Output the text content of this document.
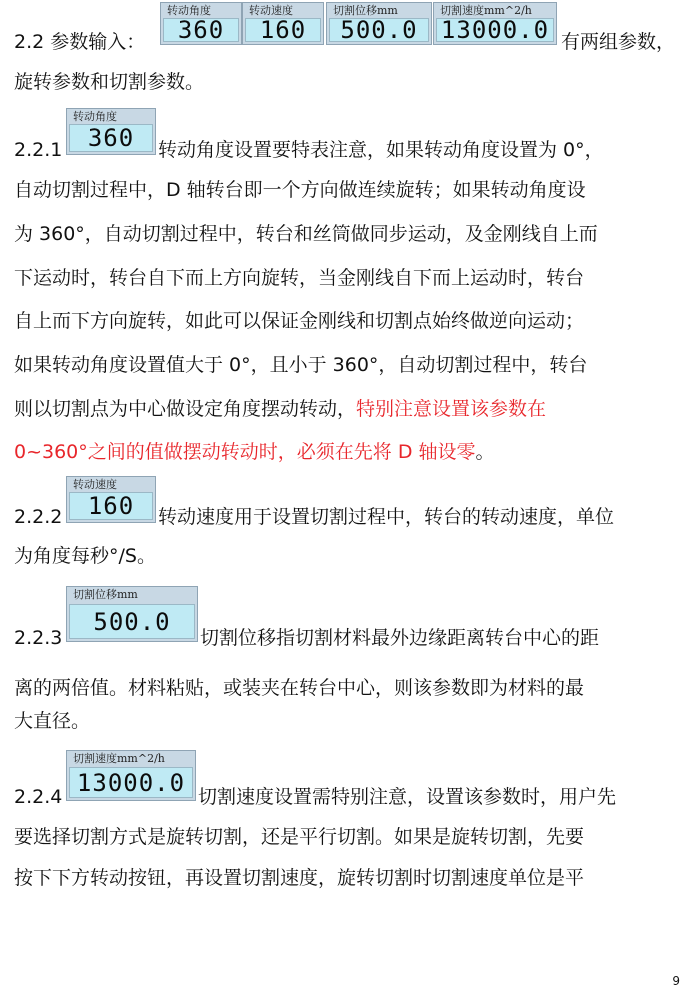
2.2 参数输入：
转动角度
360
转动速度
160
切割位移mm
500.0
切割速度mm^2/h
13000.0 有两组参数，
旋转参数和切割参数。
2.2.1
转动角度
360 转动角度设置要特表注意，如果转动角度设置为 0°，
自动切割过程中，D 轴转台即一个方向做连续旋转；如果转动角度设
为 360°，自动切割过程中，转台和丝筒做同步运动，及金刚线自上而
下运动时，转台自下而上方向旋转，当金刚线自下而上运动时，转台
自上而下方向旋转，如此可以保证金刚线和切割点始终做逆向运动；
如果转动角度设置值大于 0°，且小于 360°，自动切割过程中，转台
则以切割点为中心做设定角度摆动转动，特别注意设置该参数在
0~360°之间的值做摆动转动时，必须在先将 D 轴设零。
2.2.2
转动速度
160 转动速度用于设置切割过程中，转台的转动速度，单位
为角度每秒°/S。
2.2.3
切割位移mm
500.0
切割位移指切割材料最外边缘距离转台中心的距
离的两倍值。材料粘贴，或装夹在转台中心，则该参数即为材料的最
大直径。
2.2.4
切割速度mm^2/h
13000.0
切割速度设置需特别注意，设置该参数时，用户先
要选择切割方式是旋转切割，还是平行切割。如果是旋转切割，先要
按下下方转动按钮，再设置切割速度，旋转切割时切割速度单位是平
9
